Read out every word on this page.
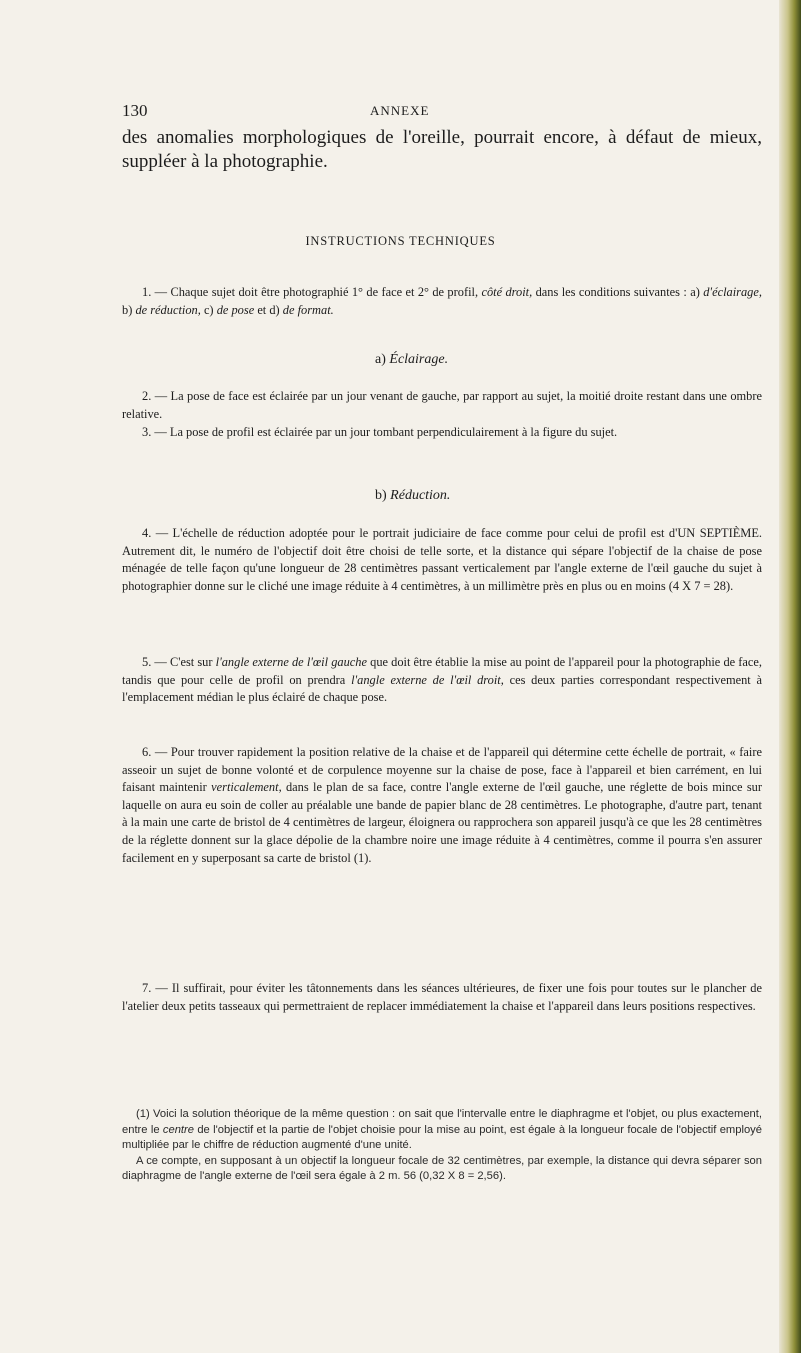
130	ANNEXE
des anomalies morphologiques de l'oreille, pourrait encore, à défaut de mieux, suppléer à la photographie.
INSTRUCTIONS TECHNIQUES

1. — Chaque sujet doit être photographié 1° de face et 2° de profil, côté droit, dans les conditions suivantes : a) d'éclairage, b) de réduction, c) de pose et d) de format.

a) Éclairage.

2. — La pose de face est éclairée par un jour venant de gauche, par rapport au sujet, la moitié droite restant dans une ombre relative.

3. — La pose de profil est éclairée par un jour tombant perpendiculairement à la figure du sujet.

b) Réduction.

4. — L'échelle de réduction adoptée pour le portrait judiciaire de face comme pour celui de profil est d'UN SEPTIÈME. Autrement dit, le numéro de l'objectif doit être choisi de telle sorte, et la distance qui sépare l'objectif de la chaise de pose ménagée de telle façon qu'une longueur de 28 centimètres passant verticalement par l'angle externe de l'œil gauche du sujet à photographier donne sur le cliché une image réduite à 4 centimètres, à un millimètre près en plus ou en moins (4 X 7 = 28).

5. — C'est sur l'angle externe de l'œil gauche que doit être établie la mise au point de l'appareil pour la photographie de face, tandis que pour celle de profil on prendra l'angle externe de l'œil droit, ces deux parties correspondant respectivement à l'emplacement médian le plus éclairé de chaque pose.

6. — Pour trouver rapidement la position relative de la chaise et de l'appareil qui détermine cette échelle de portrait, « faire asseoir un sujet de bonne volonté et de corpulence moyenne sur la chaise de pose, face à l'appareil et bien carrément, en lui faisant maintenir verticalement, dans le plan de sa face, contre l'angle externe de l'œil gauche, une réglette de bois mince sur laquelle on aura eu soin de coller au préalable une bande de papier blanc de 28 centimètres. Le photographe, d'autre part, tenant à la main une carte de bristol de 4 centimètres de largeur, éloignera ou rapprochera son appareil jusqu'à ce que les 28 centimètres de la réglette donnent sur la glace dépolie de la chambre noire une image réduite à 4 centimètres, comme il pourra s'en assurer facilement en y superposant sa carte de bristol (1).

7. — Il suffirait, pour éviter les tâtonnements dans les séances ultérieures, de fixer une fois pour toutes sur le plancher de l'atelier deux petits tasseaux qui permettraient de replacer immédiatement la chaise et l'appareil dans leurs positions respectives.

(1) Voici la solution théorique de la même question : on sait que l'intervalle entre le diaphragme et l'objet, ou plus exactement, entre le centre de l'objectif et la partie de l'objet choisie pour la mise au point, est égale à la longueur focale de l'objectif employé multipliée par le chiffre de réduction augmenté d'une unité.

A ce compte, en supposant à un objectif la longueur focale de 32 centimètres, par exemple, la distance qui devra séparer son diaphragme de l'angle externe de l'œil sera égale à 2 m. 56 (0,32 X 8 = 2,56).
